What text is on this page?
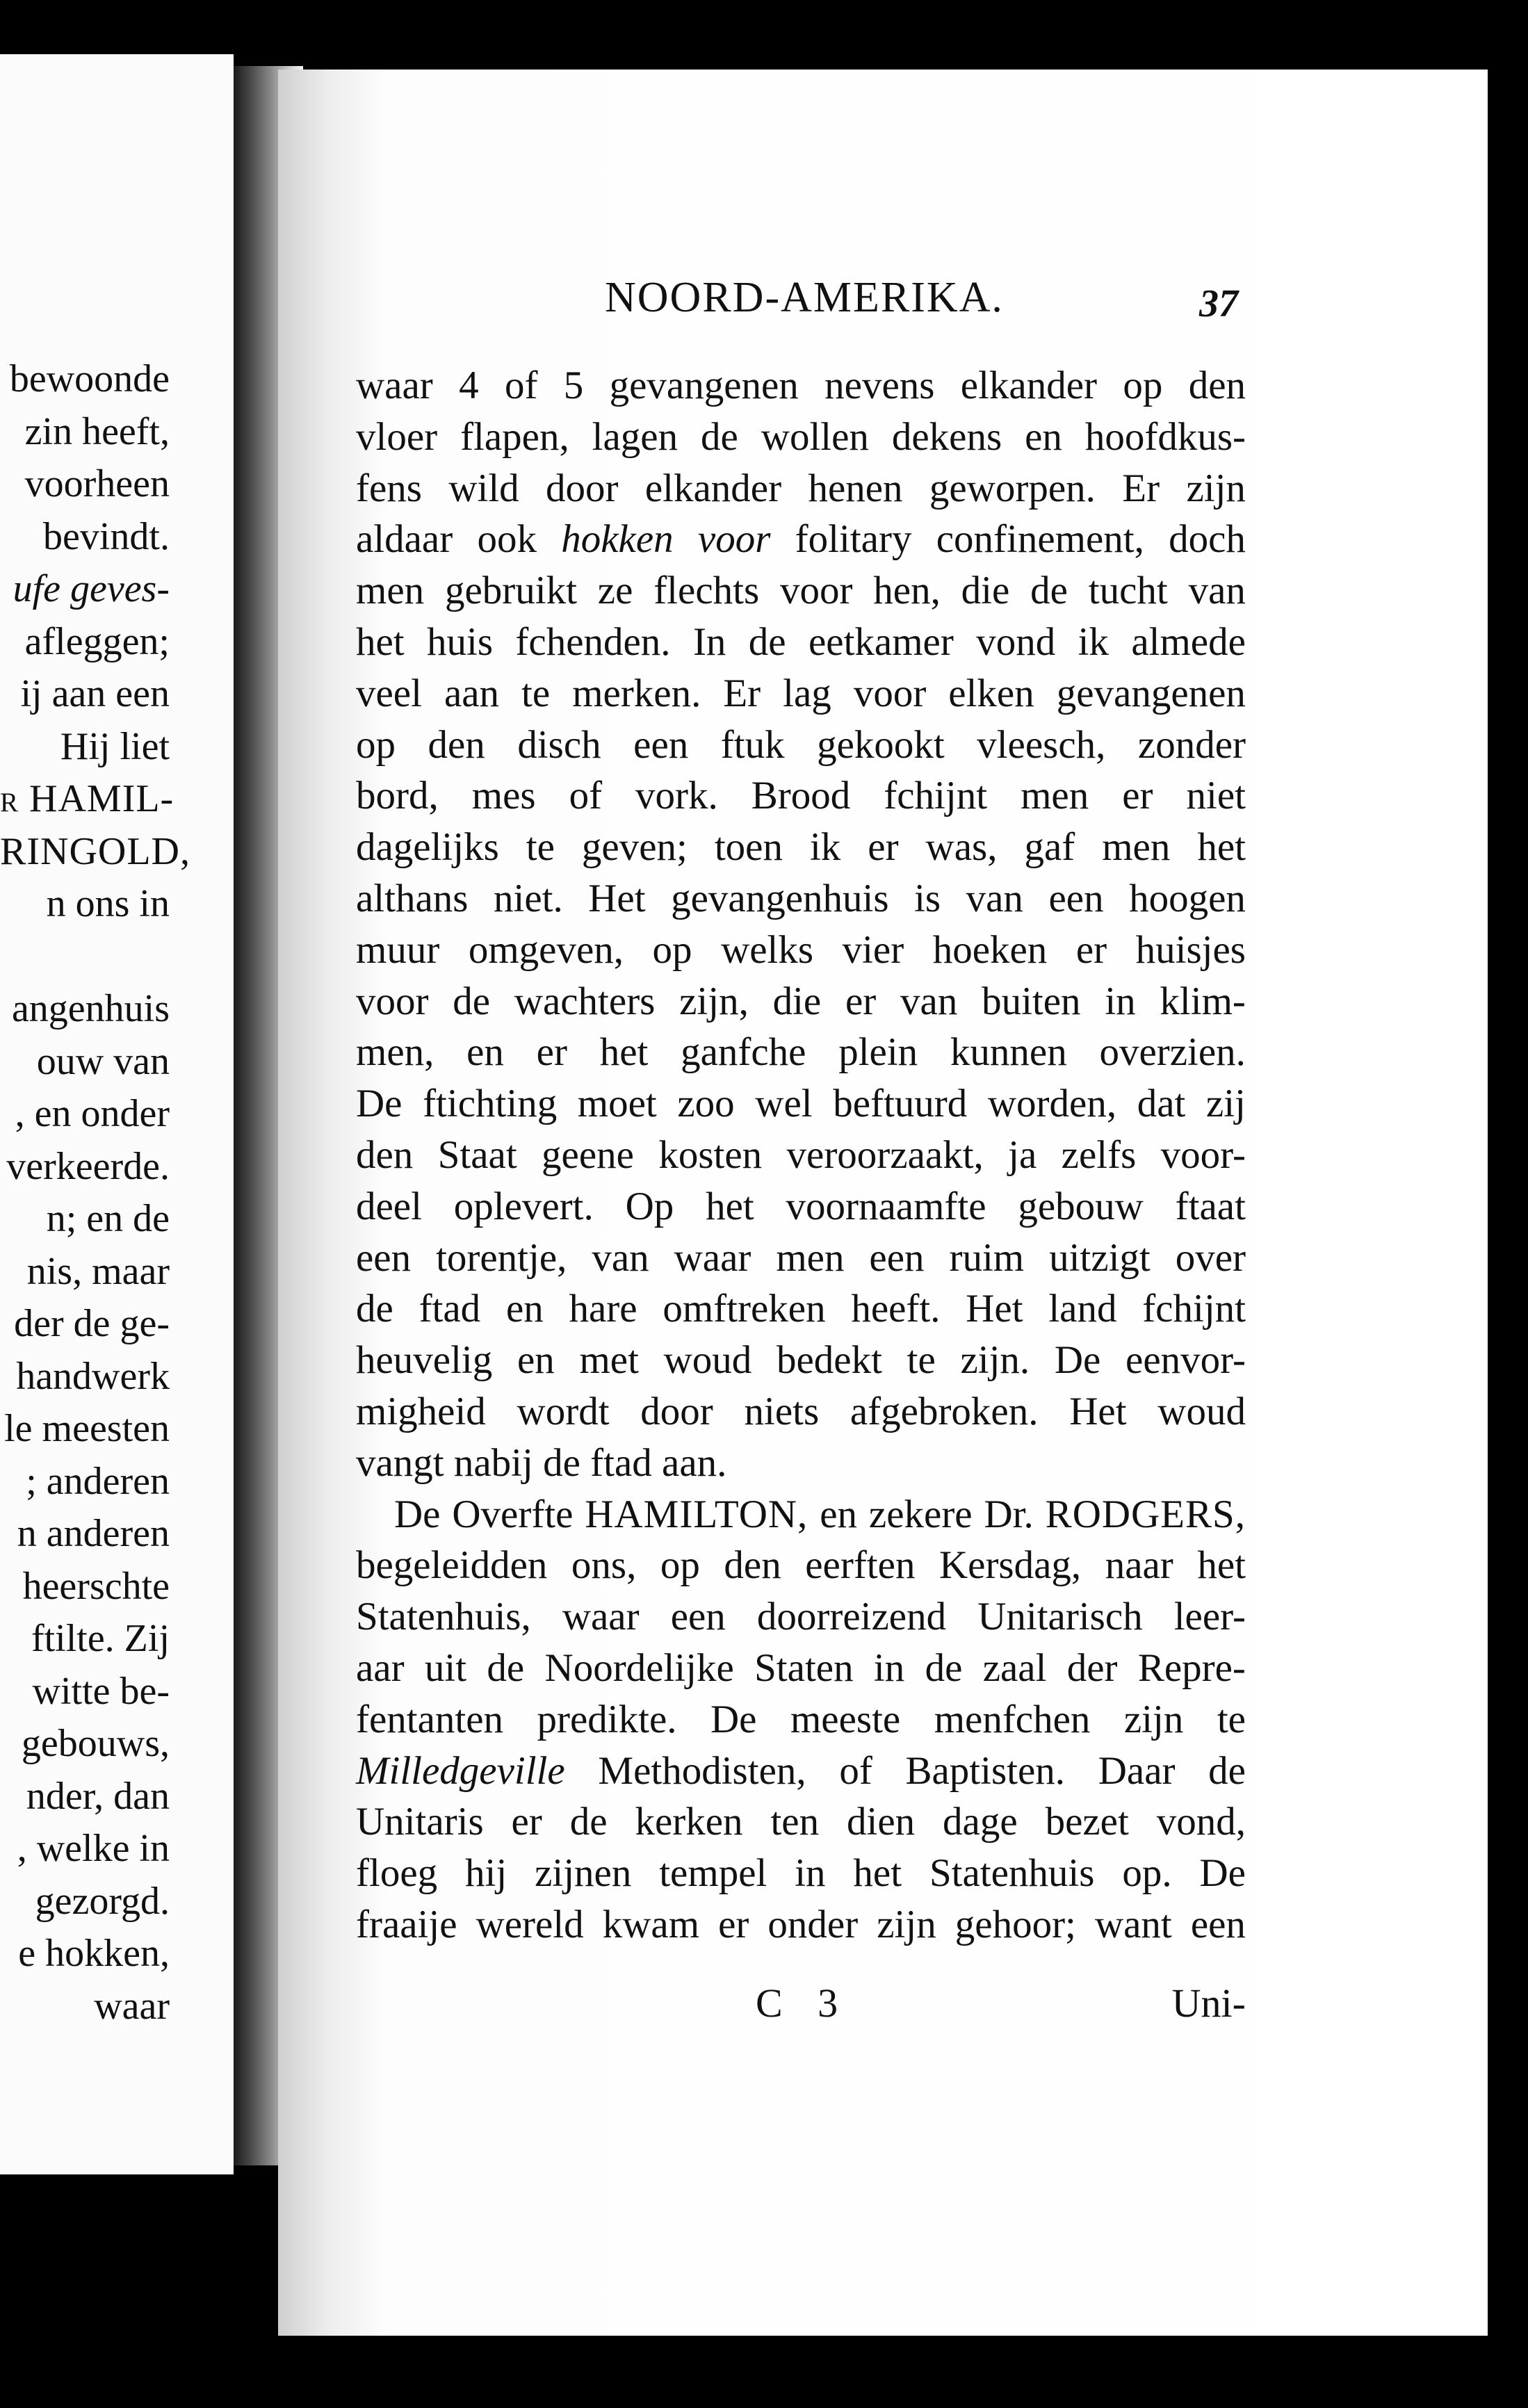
bewoonde
zin heeft,
voorheen
bevindt.
ufe geves-
afleggen;
ij aan een
Hij liet
r HAMIL-
RINGOLD,
n ons in
angenhuis
ouw van
, en onder
verkeerde.
n; en de
nis, maar
der de ge-
handwerk
le meesten
; anderen
n anderen
heerschte
ftilte. Zij
witte be-
gebouws,
nder, dan
, welke in
gezorgd.
e hokken,
waar
NOORD-AMERIKA.	37
waar 4 of 5 gevangenen nevens elkander op den
vloer flapen, lagen de wollen dekens en hoofdkus-
fens wild door elkander henen geworpen. Er zijn
aldaar ook hokken voor folitary confinement, doch
men gebruikt ze flechts voor hen, die de tucht van
het huis fchenden. In de eetkamer vond ik almede
veel aan te merken. Er lag voor elken gevangenen
op den disch een ftuk gekookt vleesch, zonder
bord, mes of vork. Brood fchijnt men er niet
dagelijks te geven; toen ik er was, gaf men het
althans niet. Het gevangenhuis is van een hoogen
muur omgeven, op welks vier hoeken er huisjes
voor de wachters zijn, die er van buiten in klim-
men, en er het ganfche plein kunnen overzien.
De ftichting moet zoo wel beftuurd worden, dat zij
den Staat geene kosten veroorzaakt, ja zelfs voor-
deel oplevert. Op het voornaamfte gebouw ftaat
een torentje, van waar men een ruim uitzigt over
de ftad en hare omftreken heeft. Het land fchijnt
heuvelig en met woud bedekt te zijn. De eenvor-
migheid wordt door niets afgebroken. Het woud
vangt nabij de ftad aan.
De Overfte HAMILTON, en zekere Dr. RODGERS,
begeleidden ons, op den eerften Kersdag, naar het
Statenhuis, waar een doorreizend Unitarisch leer-
aar uit de Noordelijke Staten in de zaal der Repre-
fentanten predikte. De meeste menfchen zijn te
Milledgeville Methodisten, of Baptisten. Daar de
Unitaris er de kerken ten dien dage bezet vond,
floeg hij zijnen tempel in het Statenhuis op. De
fraaije wereld kwam er onder zijn gehoor; want een
C 3	Uni-
